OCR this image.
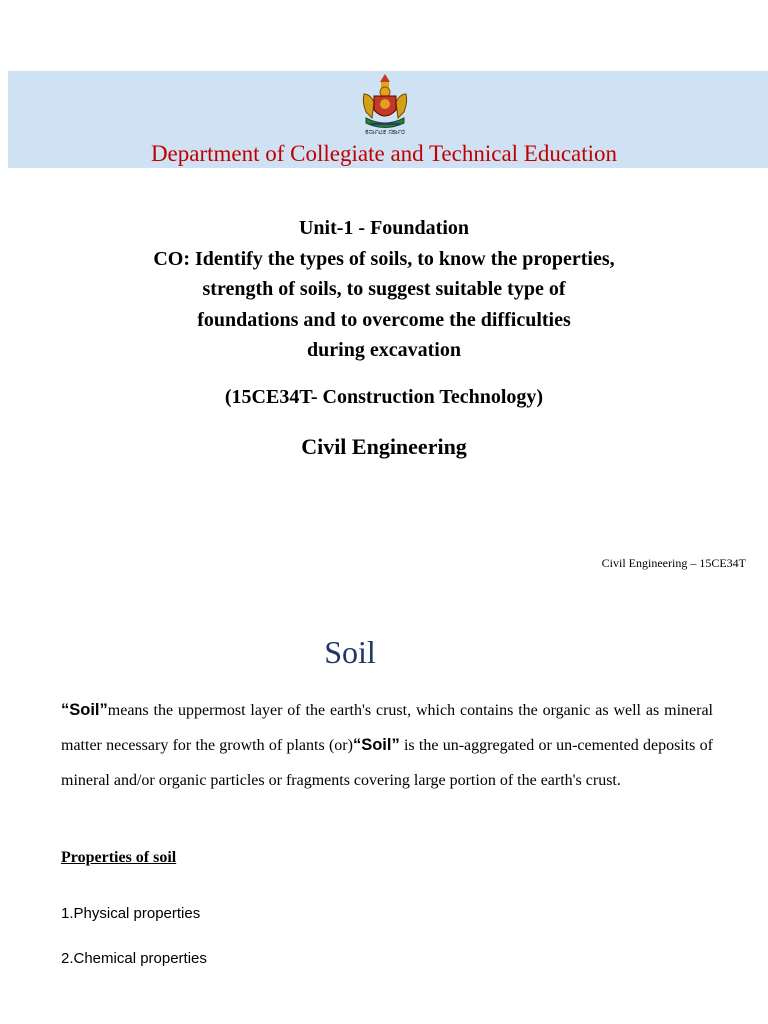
ಕರ್ನಾಟಕ ಸರ್ಕಾರ
Department of Collegiate and Technical Education
Unit-1 - Foundation
CO: Identify the types of soils, to know the properties,
strength of soils, to suggest suitable type of
foundations and to overcome the difficulties
during excavation
(15CE34T- Construction Technology)
Civil Engineering
Civil Engineering – 15CE34T
Soil
“Soil”means the uppermost layer of the earth's crust, which contains the organic as well as mineral matter necessary for the growth of plants (or)“Soil” is the un-aggregated or un-cemented deposits of mineral and/or organic particles or fragments covering large portion of the earth's crust.
Properties of soil
1.Physical properties
2.Chemical properties
